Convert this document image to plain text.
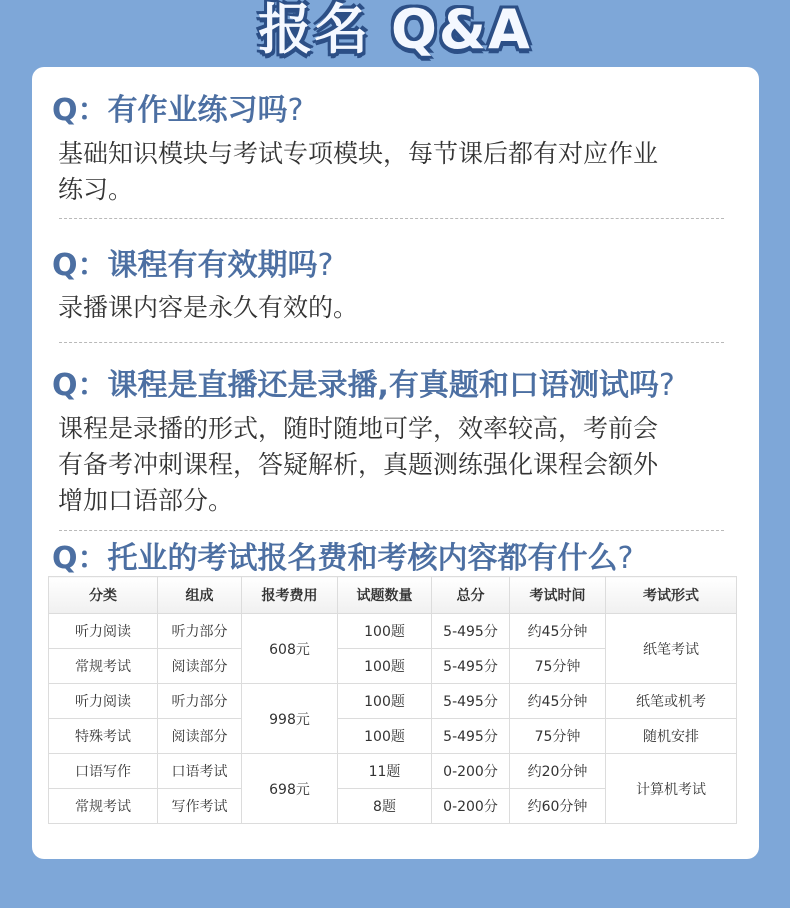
报名 Q&A
Q：有作业练习吗?
基础知识模块与考试专项模块，每节课后都有对应作业
练习。
Q：课程有有效期吗?
录播课内容是永久有效的。
Q：课程是直播还是录播,有真题和口语测试吗?
课程是录播的形式，随时随地可学，效率较高，考前会
有备考冲刺课程，答疑解析，真题测练强化课程会额外
增加口语部分。
Q：托业的考试报名费和考核内容都有什么?
分类	组成	报考费用	试题数量	总分	考试时间	考试形式
听力阅读	听力部分	608元	100题	5-495分	约45分钟	纸笔考试

常规考试	阅读部分		100题	5-495分	75分钟	
听力阅读	听力部分	998元	100题	5-495分	约45分钟	纸笔或机考
特殊考试	阅读部分		100题	5-495分	75分钟	随机安排
口语写作	口语考试	698元	11题	0-200分	约20分钟	计算机考试

常规考试	写作考试		8题	0-200分	约60分钟	
